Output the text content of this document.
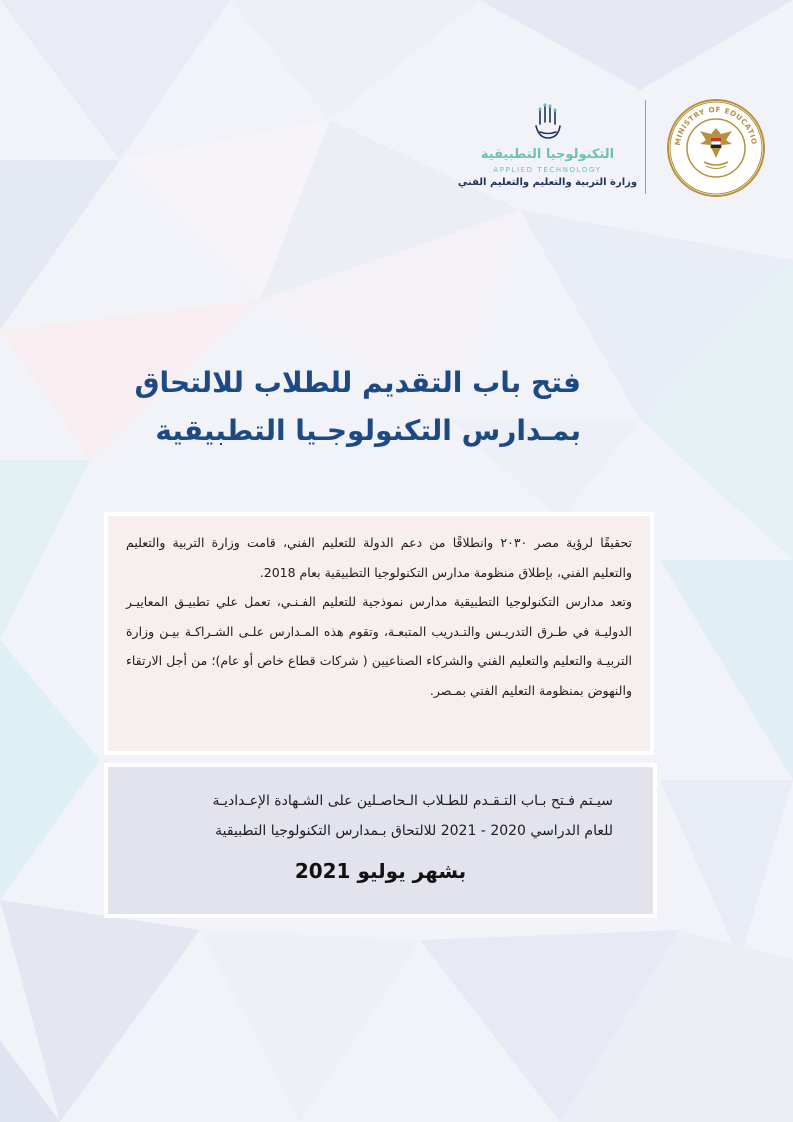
MINISTRY OF EDUCATIO
التكنولوجيا التطبيقية
APPLIED TECHNOLOGY
وزارة التربية والتعليم والتعليم الفني
فتح باب التقديم للطلاب للالتحاق
بمـدارس التكنولوجـيا التطبيقية

تحقيقًا لرؤية مصر ٢٠٣٠ وانطلاقًا من دعم الدولة للتعليم الفني، قامت وزارة التربية والتعليم والتعليم الفني، بإطلاق منظومة مدارس التكنولوجيا التطبيقية بعام 2018.

وتعد مدارس التكنولوجيا التطبيقية مدارس نموذجية للتعليم الفـنـي، تعمل علي تطبيـق المعاييـر الدوليـة في طـرق التدريـس والتـدريب المتبعـة، وتقوم هذه المـدارس علـى الشـراكـة بيـن وزارة التربيـة والتعليم والتعليم الفني والشركاء الصناعيين ( شركات قطاع خاص أو عام)؛ من أجل الارتقاء والنهوض بمنظومة التعليم الفني بمـصر.

سيـتم فـتح بـاب التـقـدم للطـلاب الـحاصـلين على الشـهادة الإعـداديـة
للعام الدراسي 2020 - 2021 للالتحاق بـمدارس التكنولوجيا التطبيقية
بشهر يوليو 2021
